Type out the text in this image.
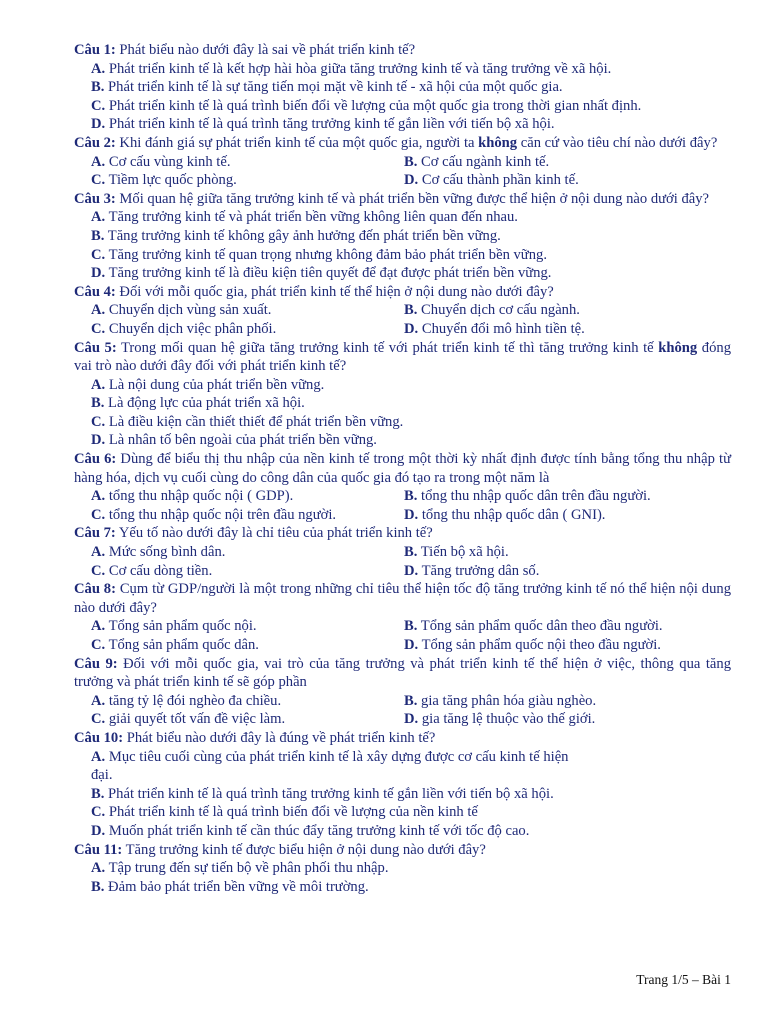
Câu 1: Phát biểu nào dưới đây là sai về phát triển kinh tế?
A. Phát triển kinh tế là kết hợp hài hòa giữa tăng trưởng kinh tế và tăng trưởng về xã hội.
B. Phát triển kinh tế là sự tăng tiến mọi mặt về kinh tế - xã hội của một quốc gia.
C. Phát triển kinh tế là quá trình biến đổi về lượng của một quốc gia trong thời gian nhất định.
D. Phát triển kinh tế là quá trình tăng trưởng kinh tế gắn liền với tiến bộ xã hội.
Câu 2: Khi đánh giá sự phát triển kinh tế của một quốc gia, người ta không căn cứ vào tiêu chí nào dưới đây?
A. Cơ cấu vùng kinh tế.	B. Cơ cấu ngành kinh tế.
C. Tiềm lực quốc phòng.	D. Cơ cấu thành phần kinh tế.
Câu 3: Mối quan hệ giữa tăng trưởng kinh tế và phát triển bền vững được thể hiện ở nội dung nào dưới đây?
A. Tăng trưởng kinh tế và phát triển bền vững không liên quan đến nhau.
B. Tăng trưởng kinh tế không gây ảnh hưởng đến phát triển bền vững.
C. Tăng trưởng kinh tế quan trọng nhưng không đảm bảo phát triển bền vững.
D. Tăng trưởng kinh tế là điều kiện tiên quyết để đạt được phát triển bền vững.
Câu 4: Đối với mỗi quốc gia, phát triển kinh tế thể hiện ở nội dung nào dưới đây?
A. Chuyển dịch vùng sản xuất.	B. Chuyển dịch cơ cấu ngành.
C. Chuyển dịch việc phân phối.	D. Chuyển đổi mô hình tiền tệ.
Câu 5: Trong mối quan hệ giữa tăng trưởng kinh tế với phát triển kinh tế thì tăng trưởng kinh tế không đóng vai trò nào dưới đây đối với phát triển kinh tế?
A. Là nội dung của phát triển bền vững.
B. Là động lực của phát triển xã hội.
C. Là điều kiện cần thiết thiết để phát triển bền vững.
D. Là nhân tố bên ngoài của phát triển bền vững.
Câu 6: Dùng để biểu thị thu nhập của nền kinh tế trong một thời kỳ nhất định được tính bằng tổng thu nhập từ hàng hóa, dịch vụ cuối cùng do công dân của quốc gia đó tạo ra trong một năm là
A. tổng thu nhập quốc nội ( GDP).	B. tổng thu nhập quốc dân trên đầu người.
C. tổng thu nhập quốc nội trên đầu người.	D. tổng thu nhập quốc dân ( GNI).
Câu 7: Yếu tố nào dưới đây là chỉ tiêu của phát triển kinh tế?
A. Mức sống bình dân.	B. Tiến bộ xã hội.
C. Cơ cấu dòng tiền.	D. Tăng trưởng dân số.
Câu 8: Cụm từ GDP/người là một trong những chỉ tiêu thể hiện tốc độ tăng trưởng kinh tế nó thể hiện nội dung nào dưới đây?
A. Tổng sản phẩm quốc nội.	B. Tổng sản phẩm quốc dân theo đầu người.
C. Tổng sản phẩm quốc dân.	D. Tổng sản phẩm quốc nội theo đầu người.
Câu 9: Đối với mỗi quốc gia, vai trò của tăng trưởng và phát triển kinh tế thể hiện ở việc, thông qua tăng trưởng và phát triển kinh tế sẽ góp phần
A. tăng tỷ lệ đói nghèo đa chiều.	B. gia tăng phân hóa giàu nghèo.
C. giải quyết tốt vấn đề việc làm.	D. gia tăng lệ thuộc vào thế giới.
Câu 10: Phát biểu nào dưới đây là đúng về phát triển kinh tế?
A. Mục tiêu cuối cùng của phát triển kinh tế là xây dựng được cơ cấu kinh tế hiện đại.
B. Phát triển kinh tế là quá trình tăng trưởng kinh tế gắn liền với tiến bộ xã hội.
C. Phát triển kinh tế là quá trình biến đổi về lượng của nền kinh tế
D. Muốn phát triển kinh tế cần thúc đẩy tăng trưởng kinh tế với tốc độ cao.
Câu 11: Tăng trưởng kinh tế được biểu hiện ở nội dung nào dưới đây?
A. Tập trung đến sự tiến bộ về phân phối thu nhập.
B. Đảm bảo phát triển bền vững về môi trường.
Trang 1/5 – Bài 1
